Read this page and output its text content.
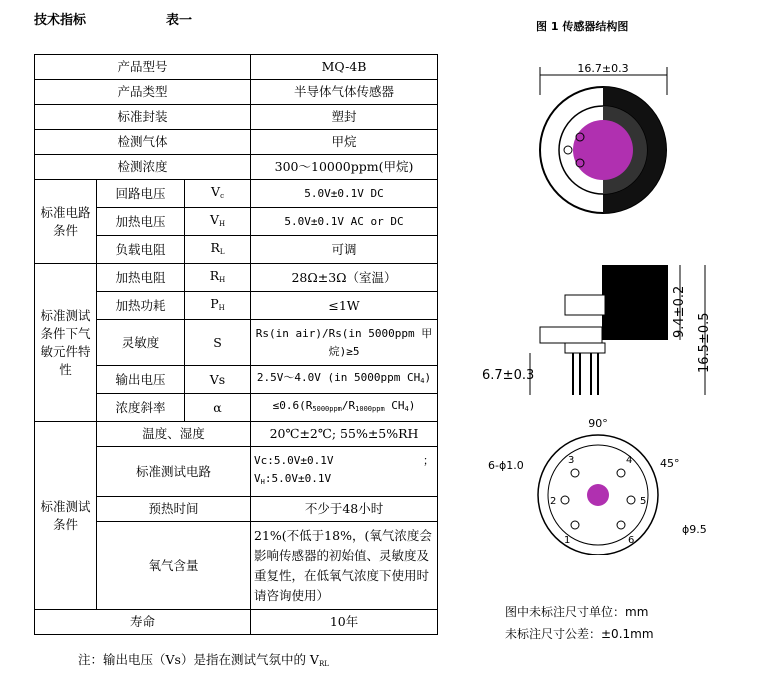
技术指标	表一	图 1 传感器结构图
产品型号			MQ-4B
产品类型			半导体气体传感器
标准封装			塑封
检测气体			甲烷
检测浓度			300～10000ppm(甲烷)
标准电路条件	回路电压	$V_c$	5.0V±0.1V DC
	加热电压	$V_H$	5.0V±0.1V AC or DC
	负载电阻	$R_L$	可调
标准测试条件下气敏元件特性	加热电阻	$R_H$	28Ω±3Ω（室温）
	加热功耗	$P_H$	≤1W
	灵敏度	S	Rs(in air)/Rs(in 5000ppm 甲烷)≥5
	输出电压	Vs	2.5V～4.0V (in 5000ppm $CH_4$)
	浓度斜率	α	$\le 0.6(R_{5000ppm}/R_{1000ppm}$ $CH_4$)
标准测试条件	温度、湿度		20℃±2℃; 55%±5%RH
	标准测试电路		Vc:5.0V±0.1V ；
$V_H:5.0V\pm 0.1V$

	预热时间		不少于48小时
	氧气含量		21%(不低于18%，(氧气浓度会影响传感器的初始值、灵敏度及重复性，在低氧气浓度下使用时请咨询使用）
寿命			10年
注：输出电压（Vs）是指在测试气氛中的 $V_{RL}$
16.7±0.3
9.4±0.2
16.5±0.5
6.7±0.3
90°
45°
6-ϕ1.0
ϕ9.5
3	4
2	5
1	6
图中未标注尺寸单位：mm
未标注尺寸公差：±0.1mm
